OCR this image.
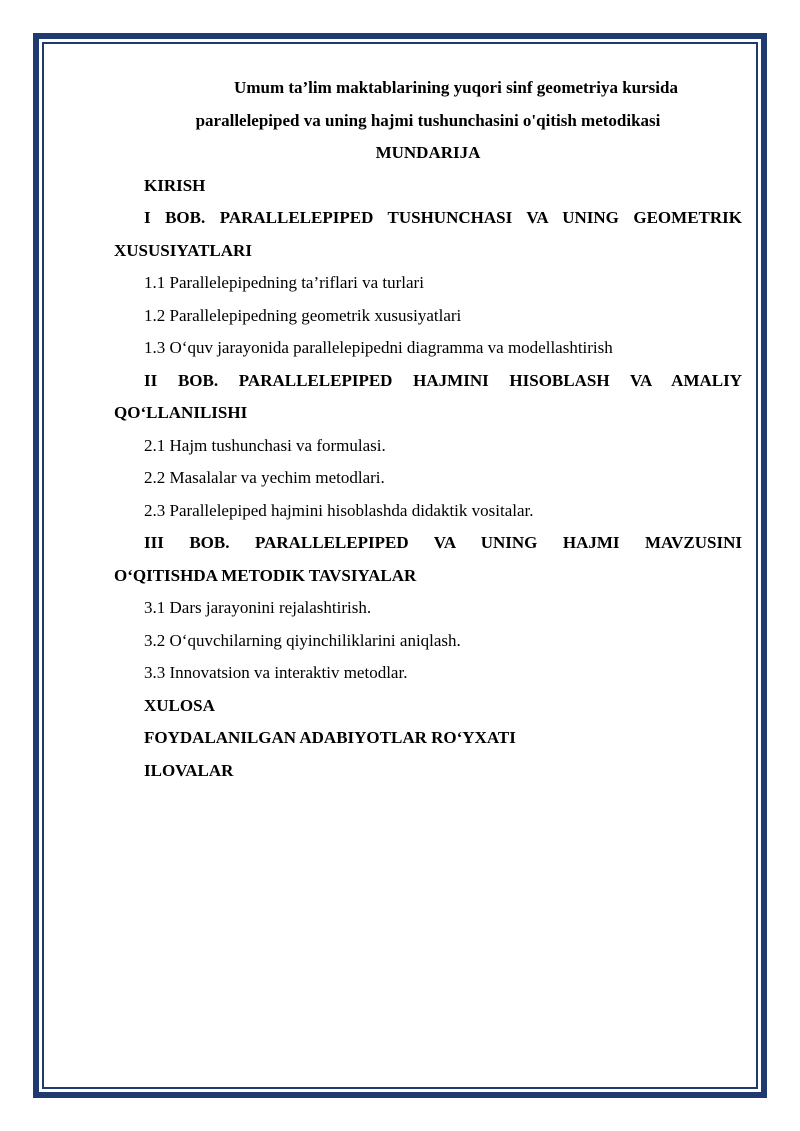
Umum ta’lim maktablarining yuqori sinf geometriya kursida
parallelepiped va uning hajmi tushunchasini o'qitish metodikasi
MUNDARIJA

KIRISH

I BOB. PARALLELEPIPED TUSHUNCHASI VA UNING GEOMETRIK
XUSUSIYATLARI

1.1 Parallelepipedning ta’riflari va turlari

1.2 Parallelepipedning geometrik xususiyatlari

1.3 O‘quv jarayonida parallelepipedni diagramma va modellashtirish

II BOB. PARALLELEPIPED HAJMINI HISOBLASH VA AMALIY
QO‘LLANILISHI

2.1 Hajm tushunchasi va formulasi.

2.2 Masalalar va yechim metodlari.

2.3 Parallelepiped hajmini hisoblashda didaktik vositalar.

III BOB. PARALLELEPIPED VA UNING HAJMI MAVZUSINI
O‘QITISHDA METODIK TAVSIYALAR

3.1 Dars jarayonini rejalashtirish.

3.2 O‘quvchilarning qiyinchiliklarini aniqlash.

3.3 Innovatsion va interaktiv metodlar.

XULOSA

FOYDALANILGAN ADABIYOTLAR RO‘YXATI

ILOVALAR
